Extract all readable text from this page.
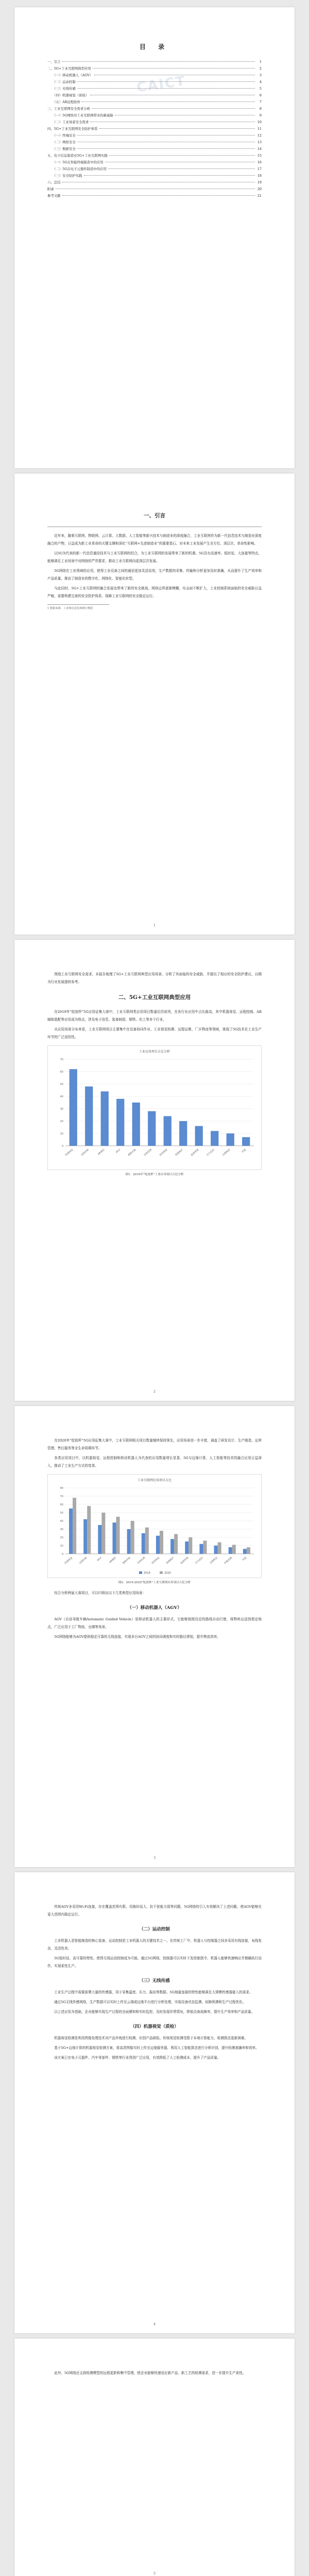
CAICT
目 录
一、引言	1
二、5G+工业互联网典型应用	2
（一）移动机器人（AGV）	3
（二）运动控制	4
（三）无线传感	5
（四）机器视觉（质检）	6
（五）AR远程协作	7
三、工业互联网安全需求分析	8
（一）5G网络对工业互联网带来的新威胁	9
（二）工业场景安全需求	10
四、5G+工业互联网安全防护体系	11
（一）终端安全	12
（二）网络安全	13
（三）数据安全	14
五、电子信息制造业5G+工业互联网实践	15
（一）5G在智能终端制造中的应用	16
（二）5G在电子元器件制造中的应用	17
（三）安全防护实践	18
六、总结	19
附录	20
参考文献	21
一、引言

近年来，随着互联网、物联网、云计算、大数据、人工智能等新兴技术与制造业的深度融合，工业互联网作为新一代信息技术与制造业深度融合的产物，日益成为新工业革命的关键支撑和深化“互联网+先进制造业”的重要基石，对未来工业发展产生全方位、深层次、革命性影响。

以5G为代表的新一代信息通信技术与工业互联网的结合，为工业互联网的发展带来了新的机遇。5G具有高速率、低时延、大连接等特点，能够满足工业场景中对网络的严苛要求，推动工业互联网向更深层次发展。

5G网络在工业领域的应用，使得工业设备之间的通信更加灵活高效，生产数据的采集、传输和分析更加及时准确，从而提升了生产效率和产品质量，推动了制造业的数字化、网络化、智能化转型。

与此同时，5G+工业互联网的融合发展也带来了新的安全挑战。网络边界逐渐模糊，攻击面不断扩大，工业控制系统面临的安全威胁日益严峻，需要构建完善的安全防护体系，保障工业互联网的安全稳定运行。

1 数据来源：工业和信息化部统计数据
1

围绕工业互联网安全需求，本报告梳理了5G+工业互联网典型应用场景，分析了其面临的安全威胁，并提出了相应的安全防护建议，以期为行业发展提供参考。

二、5G+工业互联网典型应用

在2019年“绽放杯”5G应用征集大赛中，工业互联网类应用项目数量位居前列，在各行业应用中占比最高，其中机器视觉、远程控制、AR辅助装配等应用成为热点，涉及电子信息、装备制造、钢铁、化工等多个行业。

从应用场景分布来看，工业互联网项目主要集中在设备协同作业、工业视觉检测、远程运维、厂区物流等领域，体现了5G技术在工业生产环节的广泛适用性。

工业应用项目占比分析
0
10
20
30
40
50
60
70
机器视觉	远程控制	AR辅助	AGV	数据采集	设备监测	协同制造	预测维护	能源管理	安全监控	仓储物流	其他
图1：2019年“绽放杯”工业应用项目占比分析
2

在2020年“绽放杯”5G应用征集大赛中，工业互联网相关项目数量继续保持领先，应用场景进一步丰富，涵盖了研发设计、生产制造、运营管理、售后服务等全生命周期环节。

各类应用项目中，以机器视觉、远程控制和移动机器人为代表的应用数量增长显著，5G与边缘计算、人工智能等技术的融合应用日益深入，推动了工业生产方式的变革。

工业互联网应用项目占比
0
10
20
30
40
50
60
70
80
机器视觉 远程控制	AGV	AR辅助 数据采集 设备监测 协同制造 预测维护 能源管理 安全监控 仓储物流 质量追溯	其他
2019	2020
图2：2019-2020“绽放杯”工业互联网应用项目占比分析

综合分析两届大赛项目，可以归纳出以下几类典型应用场景：

（一）移动机器人（AGV）

AGV（自动导航车辆Automatic Guided Vehicle）是移动机器人的主要形式，它能够按照设定的路线自动行驶，将物料运送到指定地点，广泛应用于工厂物流、仓储等场景。

5G网络能够为AGV提供稳定可靠的无线连接，实现多台AGV之间的协同调度和实时路径规划，提升物流效率。

3

传统AGV多采用Wi-Fi连接，存在覆盖范围有限、切换时延大、抗干扰能力弱等问题，5G网络的引入有效解决了上述问题，使AGV能够在更大范围内稳定运行。

（二）运动控制

工业机器人是智能制造的核心装备，运动控制是工业机器人的关键技术之一。在传统工厂中，机器人与控制器之间多采用有线连接，布线复杂，灵活性差。

5G低时延、高可靠的特性，使得无线运动控制成为可能。通过5G网络，控制器可以实时下发控制指令，机器人能够快速响应并精确执行动作，实现柔性生产。

（三）无线传感

工业生产过程中需要部署大量的传感器，用于采集温度、压力、振动等数据。5G海量连接的特性能够满足大规模传感器接入的需求。

通过5G无线传感网络，生产数据可以实时上传至云端或边缘平台进行分析处理，实现设备状态监测、故障预测和生产过程优化。

以上述应用为基础，企业能够实现生产过程的全面感知和实时监控，及时发现异常情况，降低设备故障率，提升生产效率和产品质量。

（四）机器视觉（质检）

机器视觉检测是利用图像处理技术对产品外观进行检测，识别产品缺陷。传统视觉检测受限于本地计算能力，检测算法更新困难。

基于5G+边缘计算的机器视觉检测方案，将高清图像实时上传至边缘服务器，利用人工智能算法进行分析识别，提升检测准确率和效率。

该方案已在电子元器件、汽车零部件、钢铁等行业得到广泛应用，有效降低了人工检测成本，提升了产品质量。

4

此外，5G网络还支持检测模型的远程更新和集中管理，使企业能够快速适应新产品、新工艺的检测需求，进一步提升生产柔性。

5
